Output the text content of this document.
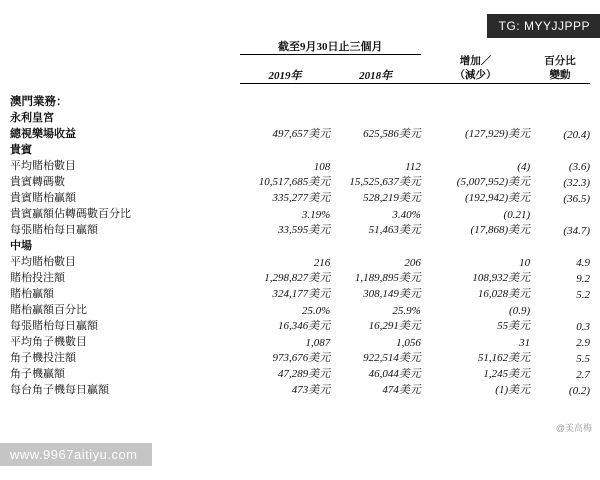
TG: MYYJJPPP
	截至9月30日止三個月			

	2019年	2018年	
增加／
（減少）

百分比
變動

澳門業務：				
永利皇宮				
總視樂場收益	497,657美元	625,586美元	(127,929)美元	(20.4)
貴賓				
平均賭枱數目	108	112	(4)	(3.6)
貴賓轉碼數	10,517,685美元	15,525,637美元	(5,007,952)美元	(32.3)
貴賓賭枱贏額	335,277美元	528,219美元	(192,942)美元	(36.5)
貴賓贏額佔轉碼數百分比	3.19%	3.40%	(0.21)	
每張賭枱每日贏額	33,595美元	51,463美元	(17,868)美元	(34.7)
中場				
平均賭枱數目	216	206	10	4.9
賭枱投注額	1,298,827美元	1,189,895美元	108,932美元	9.2
賭枱贏額	324,177美元	308,149美元	16,028美元	5.2
賭枱贏額百分比	25.0%	25.9%	(0.9)	
每張賭枱每日贏額	16,346美元	16,291美元	55美元	0.3
平均角子機數目	1,087	1,056	31	2.9
角子機投注額	973,676美元	922,514美元	51,162美元	5.5
角子機贏額	47,289美元	46,044美元	1,245美元	2.7
每台角子機每日贏額	473美元	474美元	(1)美元	(0.2)
@美高梅
www.9967aitiyu.com
